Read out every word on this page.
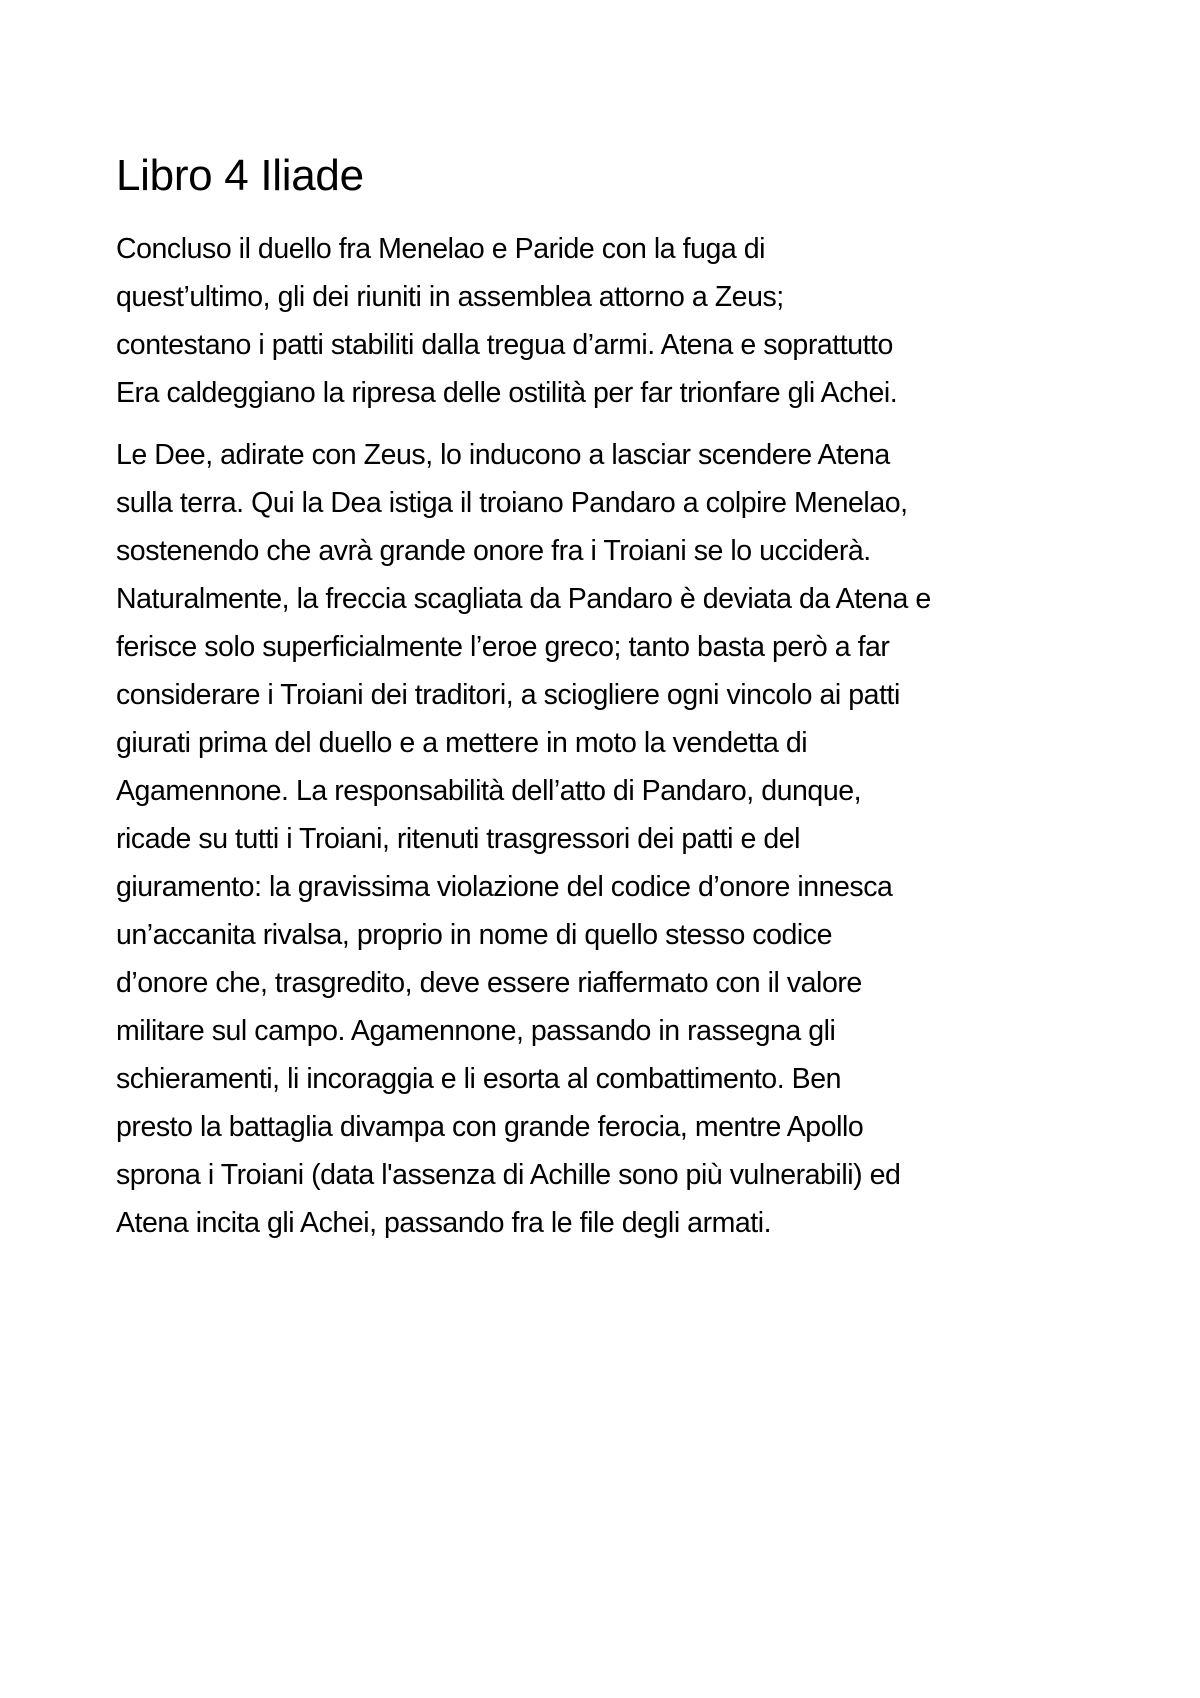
Libro 4 Iliade

Concluso il duello fra Menelao e Paride con la fuga di
quest’ultimo, gli dei riuniti in assemblea attorno a Zeus;
contestano i patti stabiliti dalla tregua d’armi. Atena e soprattutto
Era caldeggiano la ripresa delle ostilità per far trionfare gli Achei.

Le Dee, adirate con Zeus, lo inducono a lasciar scendere Atena
sulla terra. Qui la Dea istiga il troiano Pandaro a colpire Menelao,
sostenendo che avrà grande onore fra i Troiani se lo ucciderà.
Naturalmente, la freccia scagliata da Pandaro è deviata da Atena e
ferisce solo superficialmente l’eroe greco; tanto basta però a far
considerare i Troiani dei traditori, a sciogliere ogni vincolo ai patti
giurati prima del duello e a mettere in moto la vendetta di
Agamennone. La responsabilità dell’atto di Pandaro, dunque,
ricade su tutti i Troiani, ritenuti trasgressori dei patti e del
giuramento: la gravissima violazione del codice d’onore innesca
un’accanita rivalsa, proprio in nome di quello stesso codice
d’onore che, trasgredito, deve essere riaffermato con il valore
militare sul campo. Agamennone, passando in rassegna gli
schieramenti, li incoraggia e li esorta al combattimento. Ben
presto la battaglia divampa con grande ferocia, mentre Apollo
sprona i Troiani (data l'assenza di Achille sono più vulnerabili) ed
Atena incita gli Achei, passando fra le file degli armati.
